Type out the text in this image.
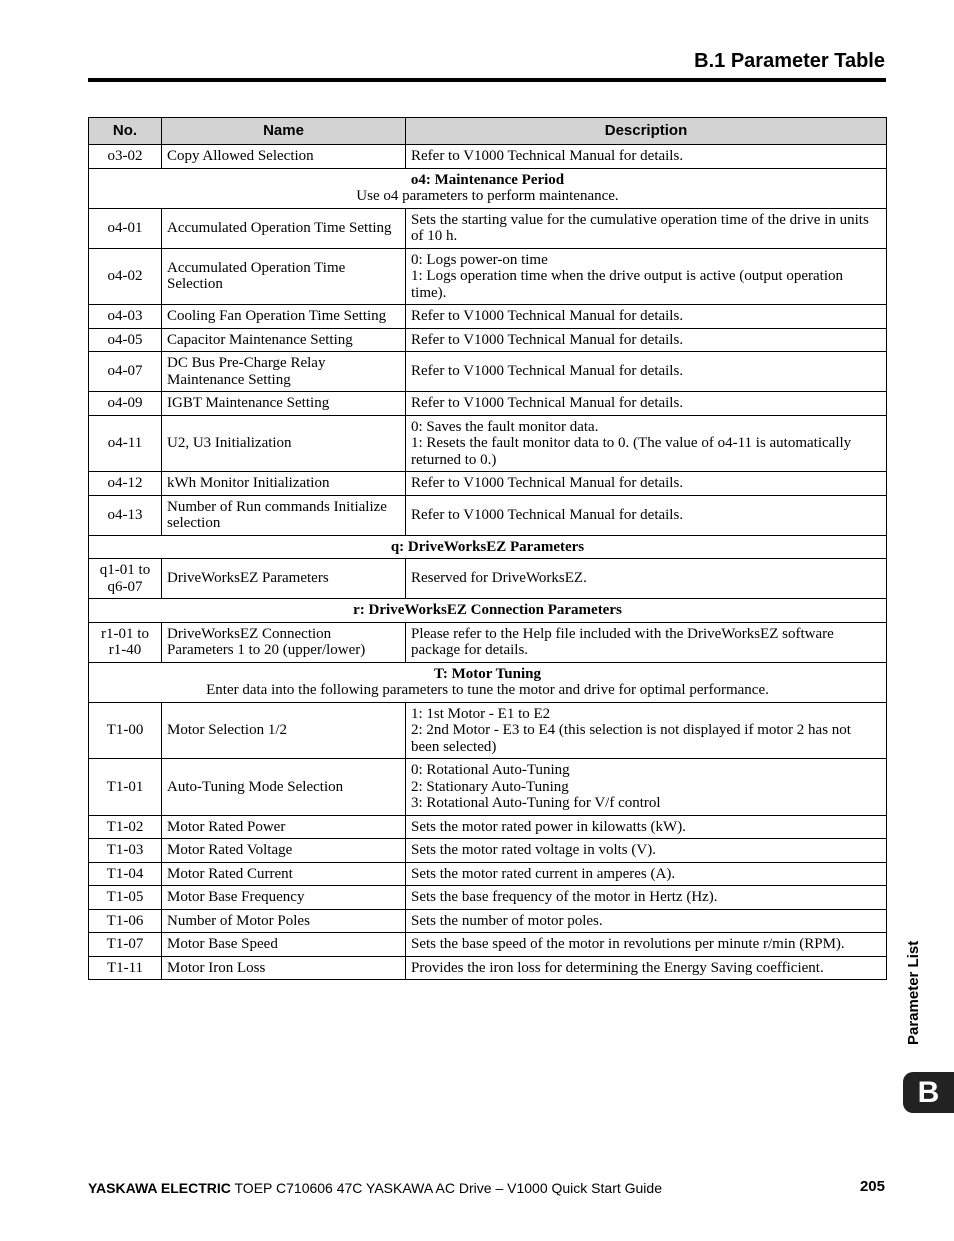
B.1 Parameter Table
No.	Name	Description
o3-02	Copy Allowed Selection	Refer to V1000 Technical Manual for details.

o4: Maintenance Period
Use o4 parameters to perform maintenance.		

o4-01	Accumulated Operation Time Setting	Sets the starting value for the cumulative operation time of the drive in units of 10 h.
o4-02	Accumulated Operation Time Selection	0: Logs power-on time
1: Logs operation time when the drive output is active (output operation time).
o4-03	Cooling Fan Operation Time Setting	Refer to V1000 Technical Manual for details.
o4-05	Capacitor Maintenance Setting	Refer to V1000 Technical Manual for details.
o4-07	DC Bus Pre-Charge Relay Maintenance Setting	Refer to V1000 Technical Manual for details.
o4-09	IGBT Maintenance Setting	Refer to V1000 Technical Manual for details.
o4-11	U2, U3 Initialization	0: Saves the fault monitor data.
1: Resets the fault monitor data to 0. (The value of o4-11 is automatically returned to 0.)
o4-12	kWh Monitor Initialization	Refer to V1000 Technical Manual for details.
o4-13	Number of Run commands Initialize selection	Refer to V1000 Technical Manual for details.

q: DriveWorksEZ Parameters		

q1-01 to q6-07	DriveWorksEZ Parameters	Reserved for DriveWorksEZ.

r: DriveWorksEZ Connection Parameters		

r1-01 to r1-40	DriveWorksEZ Connection Parameters 1 to 20 (upper/lower)	Please refer to the Help file included with the DriveWorksEZ software package for details.

T: Motor Tuning
Enter data into the following parameters to tune the motor and drive for optimal performance.		

T1-00	Motor Selection 1/2	1: 1st Motor - E1 to E2
2: 2nd Motor - E3 to E4 (this selection is not displayed if motor 2 has not been selected)
T1-01	Auto-Tuning Mode Selection	0: Rotational Auto-Tuning
2: Stationary Auto-Tuning
3: Rotational Auto-Tuning for V/f control
T1-02	Motor Rated Power	Sets the motor rated power in kilowatts (kW).
T1-03	Motor Rated Voltage	Sets the motor rated voltage in volts (V).
T1-04	Motor Rated Current	Sets the motor rated current in amperes (A).
T1-05	Motor Base Frequency	Sets the base frequency of the motor in Hertz (Hz).
T1-06	Number of Motor Poles	Sets the number of motor poles.
T1-07	Motor Base Speed	Sets the base speed of the motor in revolutions per minute r/min (RPM).
T1-11	Motor Iron Loss	Provides the iron loss for determining the Energy Saving coefficient.	Parameter List
B
YASKAWA ELECTRIC TOEP C710606 47C YASKAWA AC Drive – V1000 Quick Start Guide	205
